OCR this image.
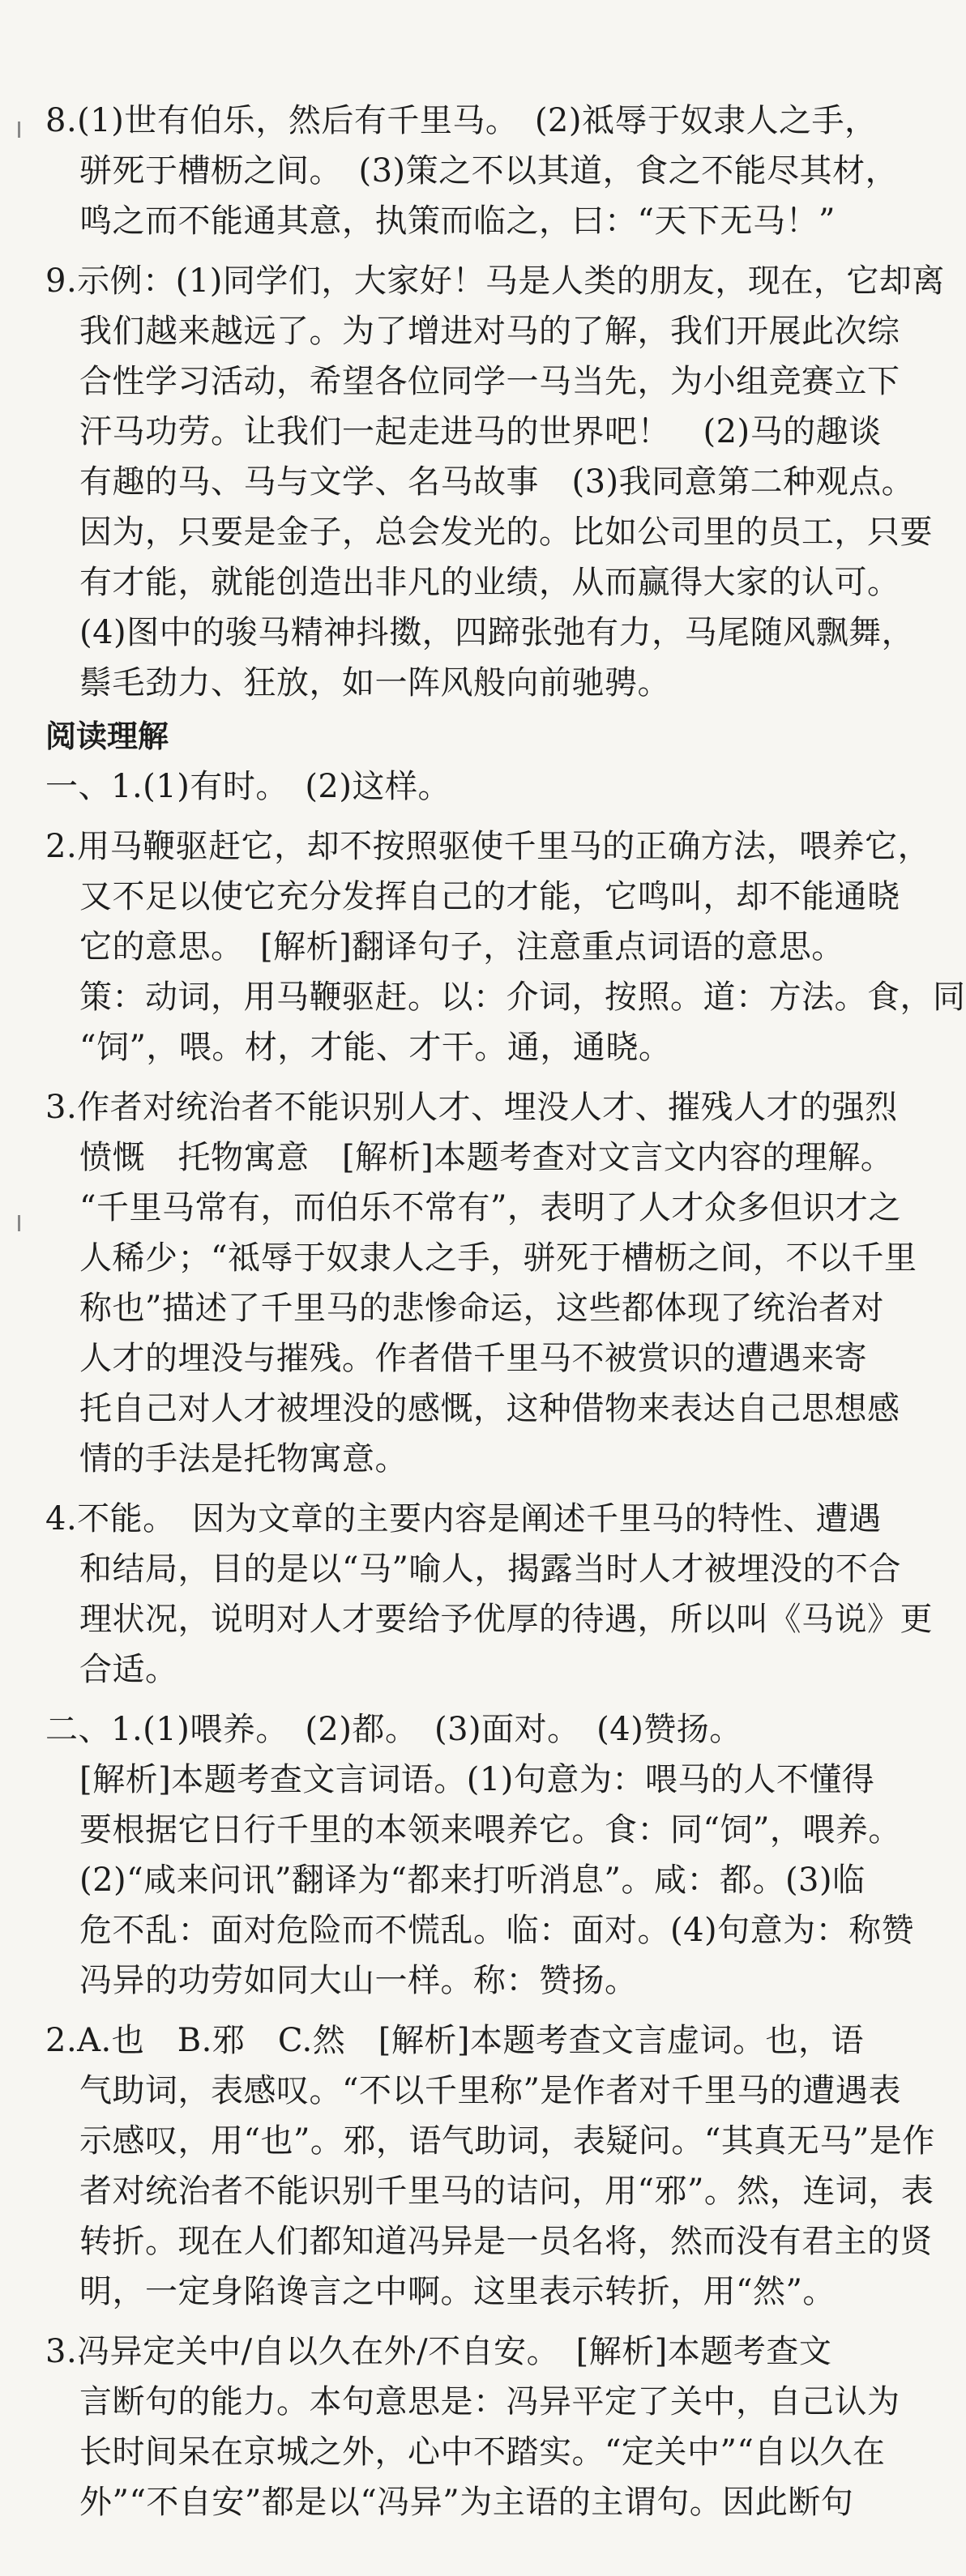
8.(1)世有伯乐，然后有千里马。　(2)祗辱于奴隶人之手，
骈死于槽枥之间。　(3)策之不以其道，食之不能尽其材，
鸣之而不能通其意，执策而临之，曰：“天下无马！”
9.示例：(1)同学们，大家好！马是人类的朋友，现在，它却离
我们越来越远了。为了增进对马的了解，我们开展此次综
合性学习活动，希望各位同学一马当先，为小组竞赛立下
汗马功劳。让我们一起走进马的世界吧！　(2)马的趣谈
有趣的马、马与文学、名马故事　(3)我同意第二种观点。
因为，只要是金子，总会发光的。比如公司里的员工，只要
有才能，就能创造出非凡的业绩，从而赢得大家的认可。
(4)图中的骏马精神抖擞，四蹄张弛有力，马尾随风飘舞，
鬃毛劲力、狂放，如一阵风般向前驰骋。
阅读理解
一、1.(1)有时。　(2)这样。
2.用马鞭驱赶它，却不按照驱使千里马的正确方法，喂养它，
又不足以使它充分发挥自己的才能，它鸣叫，却不能通晓
它的意思。　[解析]翻译句子，注意重点词语的意思。
策：动词，用马鞭驱赶。以：介词，按照。道：方法。食，同
“饲”，喂。材，才能、才干。通，通晓。
3.作者对统治者不能识别人才、埋没人才、摧残人才的强烈
愤慨　托物寓意　[解析]本题考查对文言文内容的理解。
“千里马常有，而伯乐不常有”，表明了人才众多但识才之
人稀少；“祗辱于奴隶人之手，骈死于槽枥之间，不以千里
称也”描述了千里马的悲惨命运，这些都体现了统治者对
人才的埋没与摧残。作者借千里马不被赏识的遭遇来寄
托自己对人才被埋没的感慨，这种借物来表达自己思想感
情的手法是托物寓意。
4.不能。　因为文章的主要内容是阐述千里马的特性、遭遇
和结局，目的是以“马”喻人，揭露当时人才被埋没的不合
理状况，说明对人才要给予优厚的待遇，所以叫《马说》更
合适。
二、1.(1)喂养。　(2)都。　(3)面对。　(4)赞扬。
[解析]本题考查文言词语。(1)句意为：喂马的人不懂得
要根据它日行千里的本领来喂养它。食：同“饲”，喂养。
(2)“咸来问讯”翻译为“都来打听消息”。咸：都。(3)临
危不乱：面对危险而不慌乱。临：面对。(4)句意为：称赞
冯异的功劳如同大山一样。称：赞扬。
2.A.也　B.邪　C.然　[解析]本题考查文言虚词。也，语
气助词，表感叹。“不以千里称”是作者对千里马的遭遇表
示感叹，用“也”。邪，语气助词，表疑问。“其真无马”是作
者对统治者不能识别千里马的诘问，用“邪”。然，连词，表
转折。现在人们都知道冯异是一员名将，然而没有君主的贤
明，一定身陷谗言之中啊。这里表示转折，用“然”。
3.冯异定关中/自以久在外/不自安。　[解析]本题考查文
言断句的能力。本句意思是：冯异平定了关中，自己认为
长时间呆在京城之外，心中不踏实。“定关中”“自以久在
外”“不自安”都是以“冯异”为主语的主谓句。因此断句
